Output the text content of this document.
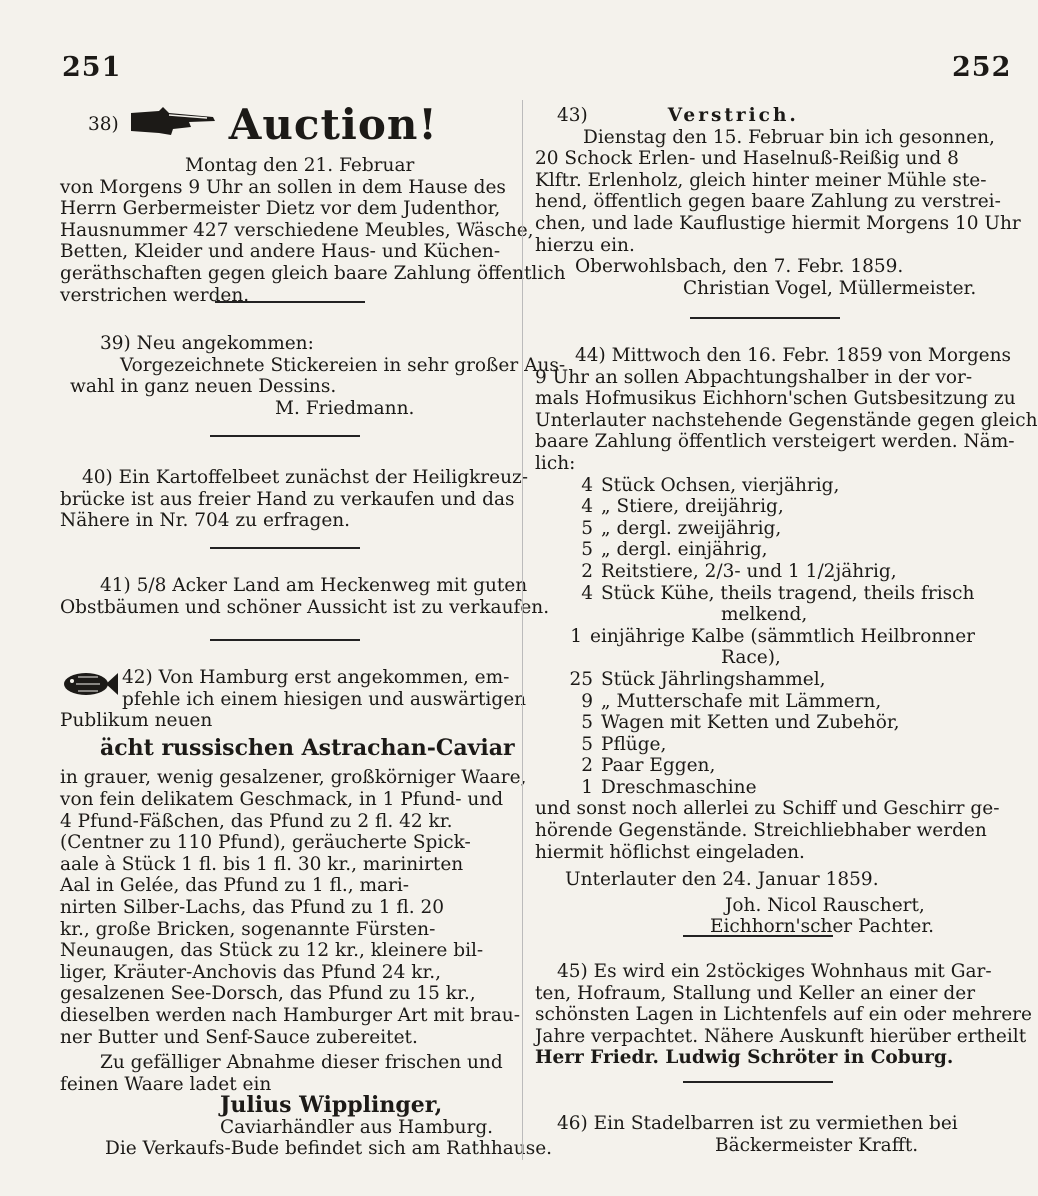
251	252
38)	Auction!
Montag den 21. Februar
von Morgens 9 Uhr an sollen in dem Hause des
Herrn Gerbermeister Dietz vor dem Judenthor,
Hausnummer 427 verschiedene Meubles, Wäsche,
Betten, Kleider und andere Haus- und Küchen-
geräthschaften gegen gleich baare Zahlung öffentlich
verstrichen werden.
39) Neu angekommen:
Vorgezeichnete Stickereien in sehr großer Aus-
wahl in ganz neuen Dessins.
M. Friedmann.
40) Ein Kartoffelbeet zunächst der Heiligkreuz-
brücke ist aus freier Hand zu verkaufen und das
Nähere in Nr. 704 zu erfragen.
41) 5/8 Acker Land am Heckenweg mit guten
Obstbäumen und schöner Aussicht ist zu verkaufen.
42) Von Hamburg erst angekommen, em-
pfehle ich einem hiesigen und auswärtigen
Publikum neuen
ächt russischen Astrachan-Caviar
in grauer, wenig gesalzener, großkörniger Waare,
von fein delikatem Geschmack, in 1 Pfund- und
4 Pfund-Fäßchen, das Pfund zu 2 fl. 42 kr.
(Centner zu 110 Pfund), geräucherte Spick-
aale à Stück 1 fl. bis 1 fl. 30 kr., marinirten
Aal in Gelée, das Pfund zu 1 fl., mari-
nirten Silber-Lachs, das Pfund zu 1 fl. 20
kr., große Bricken, sogenannte Fürsten-
Neunaugen, das Stück zu 12 kr., kleinere bil-
liger, Kräuter-Anchovis das Pfund 24 kr.,
gesalzenen See-Dorsch, das Pfund zu 15 kr.,
dieselben werden nach Hamburger Art mit brau-
ner Butter und Senf-Sauce zubereitet.
Zu gefälliger Abnahme dieser frischen und
feinen Waare ladet ein
Julius Wipplinger,
Caviarhändler aus Hamburg.
Die Verkaufs-Bude befindet sich am Rathhause.
43)	Verstrich.
Dienstag den 15. Februar bin ich gesonnen,
20 Schock Erlen- und Haselnuß-Reißig und 8
Klftr. Erlenholz, gleich hinter meiner Mühle ste-
hend, öffentlich gegen baare Zahlung zu verstrei-
chen, und lade Kauflustige hiermit Morgens 10 Uhr
hierzu ein.
Oberwohlsbach, den 7. Febr. 1859.
Christian Vogel, Müllermeister.
44) Mittwoch den 16. Febr. 1859 von Morgens
9 Uhr an sollen Abpachtungshalber in der vor-
mals Hofmusikus Eichhorn'schen Gutsbesitzung zu
Unterlauter nachstehende Gegenstände gegen gleich
baare Zahlung öffentlich versteigert werden. Näm-
lich:
4 Stück Ochsen, vierjährig,
4 „ Stiere, dreijährig,
5 „ dergl. zweijährig,
5 „ dergl. einjährig,
2 Reitstiere, 2/3- und 1 1/2jährig,
4 Stück Kühe, theils tragend, theils frisch
melkend,
1 einjährige Kalbe (sämmtlich Heilbronner
Race),
25 Stück Jährlingshammel,
9 „ Mutterschafe mit Lämmern,
5 Wagen mit Ketten und Zubehör,
5 Pflüge,
2 Paar Eggen,
1 Dreschmaschine
und sonst noch allerlei zu Schiff und Geschirr ge-
hörende Gegenstände. Streichliebhaber werden
hiermit höflichst eingeladen.
Unterlauter den 24. Januar 1859.
Joh. Nicol Rauschert,
Eichhorn'scher Pachter.
45) Es wird ein 2stöckiges Wohnhaus mit Gar-
ten, Hofraum, Stallung und Keller an einer der
schönsten Lagen in Lichtenfels auf ein oder mehrere
Jahre verpachtet. Nähere Auskunft hierüber ertheilt
Herr Friedr. Ludwig Schröter in Coburg.
46) Ein Stadelbarren ist zu vermiethen bei
Bäckermeister Krafft.
